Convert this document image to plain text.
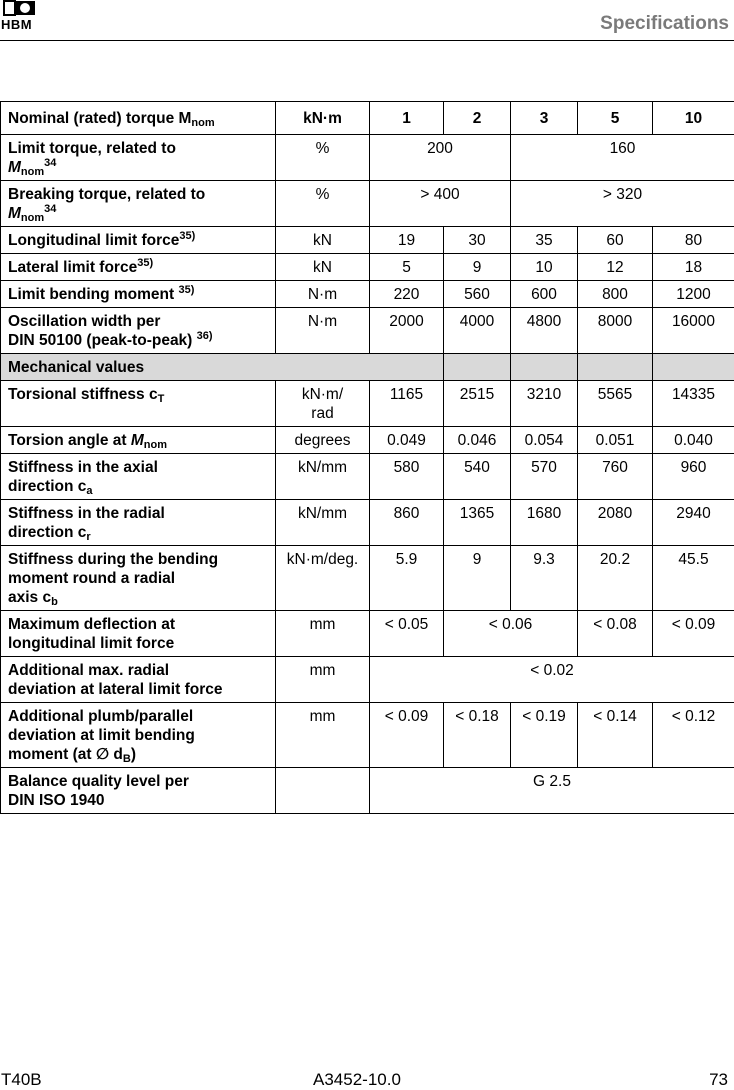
HBM	Specifications
Nominal (rated) torque $M_{nom}$	kN·m	1	2	3	5	10
Limit torque, related to
$M_{nom}^{34}$	%	200		160		
Breaking torque, related to
$M_{nom}^{34}$	%	> 400		> 320		
Longitudinal limit force$^{35)}$	kN	19	30	35	60	80
Lateral limit force$^{35)}$	kN	5	9	10	12	18
Limit bending moment $^{35)}$	N·m	220	560	600	800	1200
Oscillation width per
DIN 50100 (peak-to-peak) $^{36)}$	N·m	2000	4000	4800	8000	16000
Mechanical values						
Torsional stiffness $c_T$	kN·m/
rad	1165	2515	3210	5565	14335
Torsion angle at $M_{nom}$	degrees	0.049	0.046	0.054	0.051	0.040
Stiffness in the axial
direction $c_a$	kN/mm	580	540	570	760	960
Stiffness in the radial
direction $c_r$	kN/mm	860	1365	1680	2080	2940
Stiffness during the bending
moment round a radial
axis $c_b$	kN·m/deg.	5.9	9	9.3	20.2	45.5
Maximum deflection at
longitudinal limit force	mm	< 0.05	< 0.06		< 0.08	< 0.09
Additional max. radial
deviation at lateral limit force	mm	< 0.02				
Additional plumb/parallel
deviation at limit bending
moment (at ∅ $d_B$)	mm	< 0.09	< 0.18	< 0.19	< 0.14	< 0.12
Balance quality level per
DIN ISO 1940		G 2.5				
T40B	A3452-10.0	73
